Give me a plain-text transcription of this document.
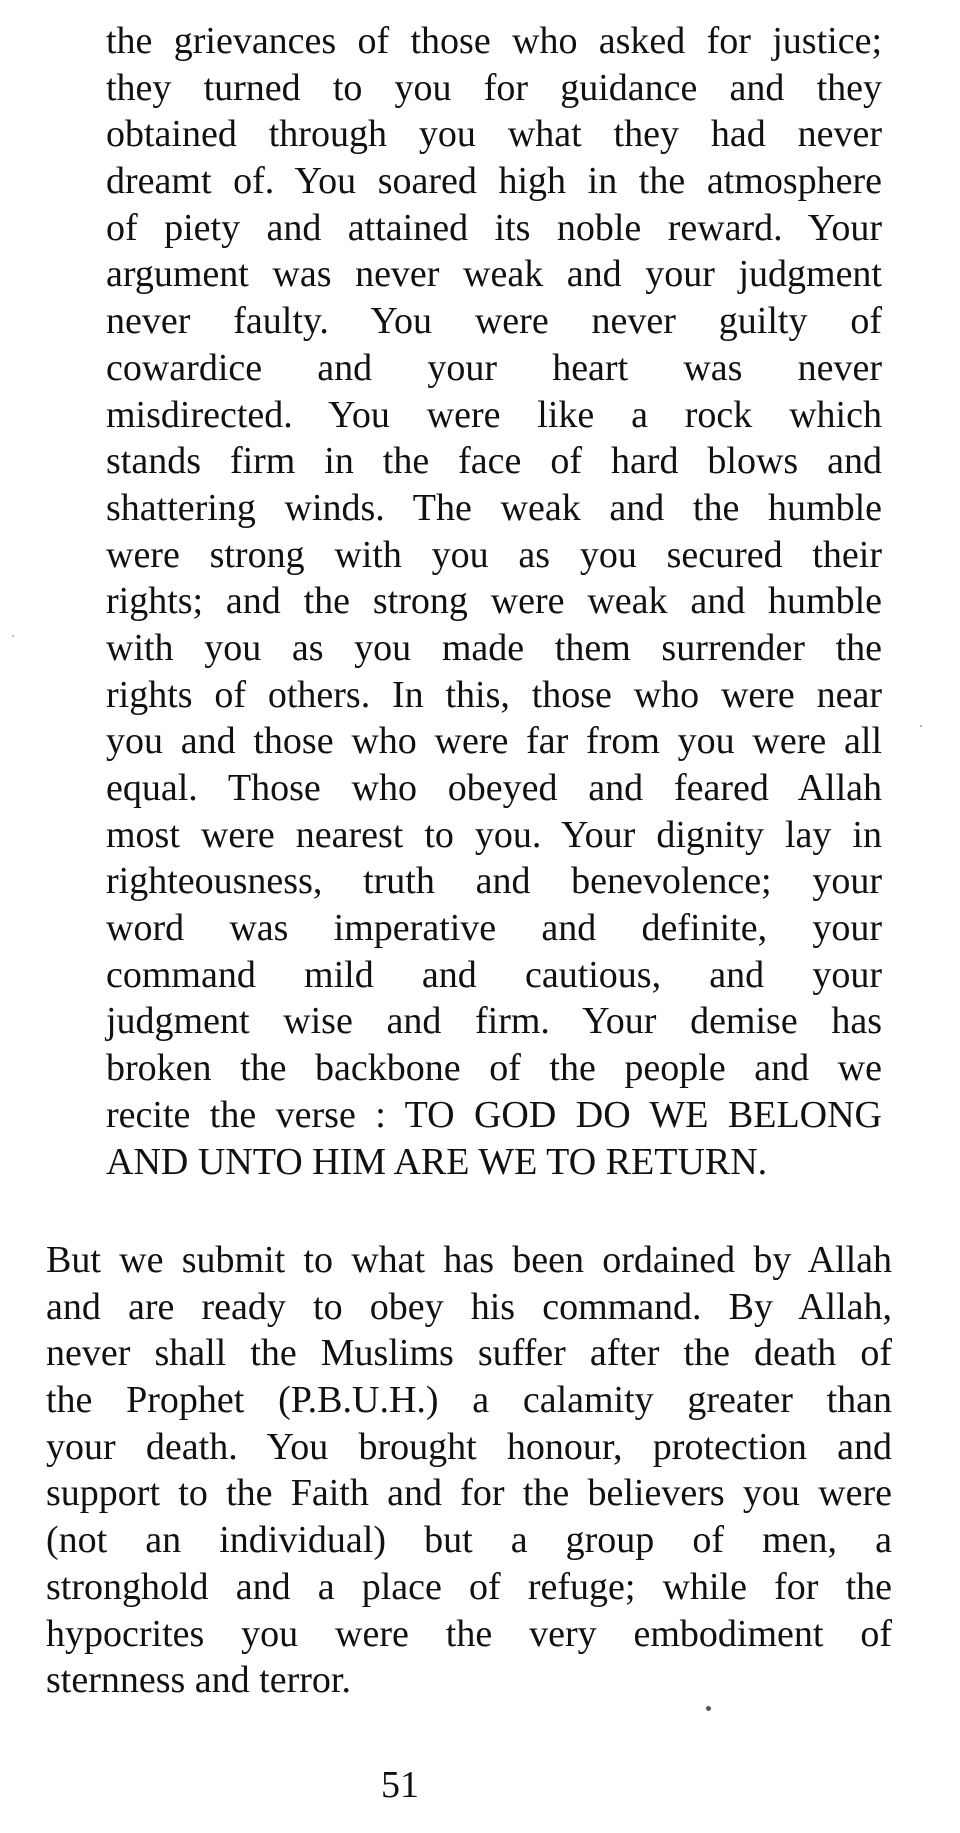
the grievances of those who asked for justice;
they turned to you for guidance and they
obtained through you what they had never
dreamt of. You soared high in the atmosphere
of piety and attained its noble reward. Your
argument was never weak and your judgment
never faulty. You were never guilty of
cowardice and your heart was never
misdirected. You were like a rock which
stands firm in the face of hard blows and
shattering winds. The weak and the humble
were strong with you as you secured their
rights; and the strong were weak and humble
with you as you made them surrender the
rights of others. In this, those who were near
you and those who were far from you were all
equal. Those who obeyed and feared Allah
most were nearest to you. Your dignity lay in
righteousness, truth and benevolence; your
word was imperative and definite, your
command mild and cautious, and your
judgment wise and firm. Your demise has
broken the backbone of the people and we
recite the verse : TO GOD DO WE BELONG
AND UNTO HIM ARE WE TO RETURN.
But we submit to what has been ordained by Allah
and are ready to obey his command. By Allah,
never shall the Muslims suffer after the death of
the Prophet (P.B.U.H.) a calamity greater than
your death. You brought honour, protection and
support to the Faith and for the believers you were
(not an individual) but a group of men, a
stronghold and a place of refuge; while for the
hypocrites you were the very embodiment of
sternness and terror.
51
